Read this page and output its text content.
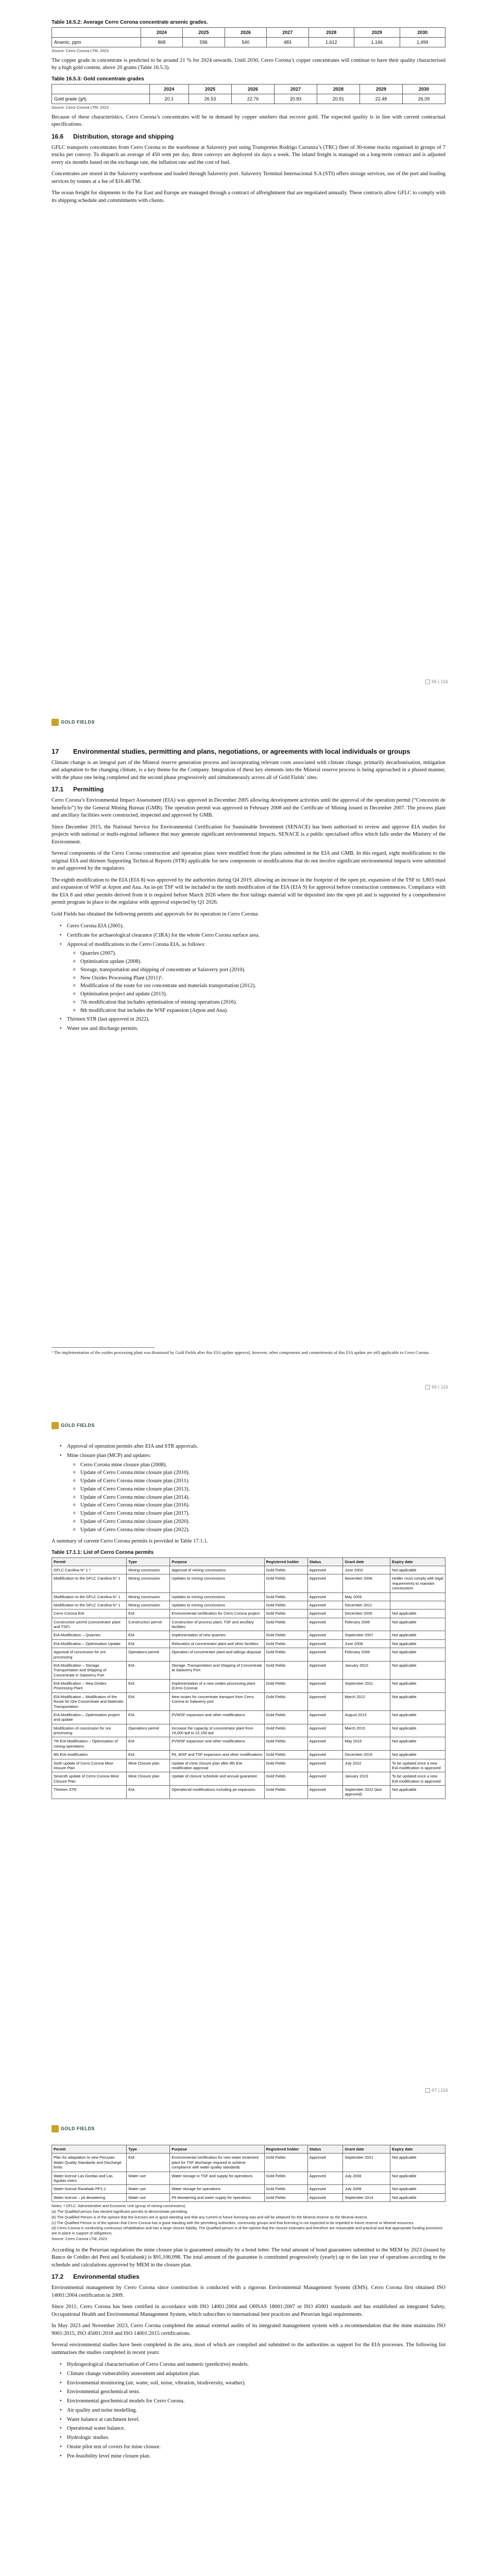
Table 16.5.2: Average Cerro Corona concentrate arsenic grades.
	2024	2025	2026	2027	2028	2029	2030
Arsenic, ppm	868	596	540	483	1,612	1,166	1,499
Source: Cerro Corona LTM, 2023

The copper grade in concentrate is predicted to be around 21 % for 2024 onwards. Until 2030, Cerro Corona’s copper concentrates will continue to have their quality characterised by a high gold content, above 20 grams (Table 16.5.3).

Table 16.5.3: Gold concentrate grades
	2024	2025	2026	2027	2028	2029	2030
Gold grade (g/t)	20.1	26.53	22.76	20.83	20.91	22.48	26.09
Source: Cerro Corona LTM, 2023

Because of these characteristics, Cerro Corona’s concentrates will be in demand by copper smelters that recover gold. The expected quality is in line with current contractual specifications.

16.6 Distribution, storage and shipping

GFLC transports concentrates from Cerro Corona to the warehouse at Salaverry port using Transportes Rodrigo Carranza’s (TRC) fleet of 30-tonne trucks organised in groups of 7 trucks per convoy. To dispatch an average of 450 wmt per day, three convoys are deployed six days a week. The inland freight is managed on a long-term contract and is adjusted every six months based on the exchange rate, the inflation rate and the cost of fuel.

Concentrates are stored in the Salaverry warehouse and loaded through Salaverry port. Salaverry Terminal Internacional S.A (STI) offers storage services, use of the port and loading services by tonnes at a fee of $16.48/TM.

The ocean freight for shipments to the Far East and Europe are managed through a contract of affreightment that are negotiated annually. These contracts allow GFLC to comply with its shipping schedule and commitments with clients.

65 | 116
GOLD FIELDS
17	Environmental studies, permitting and plans, negotiations, or agreements with local individuals or groups

Climate change is an integral part of the Mineral reserve generation process and incorporating relevant costs associated with climate change, primarily decarbonisation, mitigation and adaptation to the changing climate, is a key theme for the Company. Integration of these key elements into the Mineral reserve process is being approached in a phased manner, with the phase one being completed and the second phase progressively and simultaneously across all of Gold Fields’ sites.

17.1 Permitting

Cerro Corona’s Environmental Impact Assessment (EIA) was approved in December 2005 allowing development activities until the approval of the operation permit (“Concesión de beneficio”) by the General Mining Bureau (GMB). The operation permit was approved in February 2008 and the Certificate of Mining issued in December 2007. The process plant and ancillary facilities were constructed, inspected and approved by GMB.

Since December 2015, the National Service for Environmental Certification for Sustainable Investment (SENACE) has been authorised to review and approve EIA studies for projects with national or multi-regional influence that may generate significant environmental impacts. SENACE is a public specialised office which falls under the Ministry of the Environment.

Several components of the Cerro Corona construction and operation plans were modified from the plans submitted in the EIA and GMB. In this regard, eight modifications to the original EIA and thirteen Supporting Technical Reports (STR) applicable for new components or modifications that do not involve significant environmental impacts were submitted to and approved by the regulators.

The eighth modification to the EIA (EIA 8) was approved by the authorities during Q4 2019, allowing an increase in the footprint of the open pit, expansion of the TSF to 3,803 masl and expansion of WSF at Arpon and Ana. An in-pit TSF will be included in the ninth modification of the EIA (EIA 9) for approval before construction commences. Compliance with the EIA 8 and other permits derived from it is required before March 2026 where the first tailings material will be deposited into the open pit and is supported by a comprehensive permit program in place to the regulator with approval expected by Q1 2026.

Gold Fields has obtained the following permits and approvals for its operation in Cerro Corona:

• Cerro Corona EIA (2005).
• Certificate for archaeological clearance (CIRA) for the whole Cerro Corona surface area.
• Approval of modifications to the Cerro Corona EIA, as follows:
o Quarries (2007).
o Optimisation update (2008).
o Storage, transportation and shipping of concentrate at Salaverry port (2010).
o New Oxides Processing Plant (2011)¹.
o Modification of the route for ore concentrate and materials transportation (2012).
o Optimisation project and update (2013).
o 7th modification that includes optimisation of mining operations (2016).
o 8th modification that includes the WSF expansion (Arpon and Ana).
• Thirteen STR (last approved in 2022).
• Water use and discharge permits.
¹ The implementation of the oxides processing plant was dismissed by Gold Fields after this EIA update approval, however, other components and commitments of this EIA update are still applicable to Cerro Corona.
66 | 116
GOLD FIELDS
• Approval of operation permits after EIA and STR approvals.
• Mine closure plan (MCP) and updates:
o Cerro Corona mine closure plan (2008).
o Update of Cerro Corona mine closure plan (2010).
o Update of Cerro Corona mine closure plan (2011).
o Update of Cerro Corona mine closure plan (2013).
o Update of Cerro Corona mine closure plan (2014).
o Update of Cerro Corona mine closure plan (2016).
o Update of Cerro Corona mine closure plan (2017).
o Update of Cerro Corona mine closure plan (2020).
o Update of Cerro Corona mine closure plan (2022).

A summary of current Cerro Corona permits is provided in Table 17.1.1.

Table 17.1.1: List of Cerro Corona permits
Permit	Type	Purpose	Registered holder	Status	Grant date	Expiry date
GFLC Carolina N° 1 ᵃ	Mining concession	Approval of mining concessions	Gold Fields	Approved	June 2003	Not applicable
Modification to the GFLC Carolina N° 1	Mining concession	Updates to mining concessions	Gold Fields	Approved	November 2006	Holder must comply with legal requirements to maintain concessions
Modification to the GFLC Carolina N° 1	Mining concession	Updates to mining concessions	Gold Fields	Approved	May 2009	
Modification to the GFLC Carolina N° 1	Mining concession	Updates to mining concessions	Gold Fields	Approved	December 2011	
Cerro Corona EIA	EIA	Environmental certification for Cerro Corona project	Gold Fields	Approved	December 2005	Not applicable
Construction permit (concentrator plant and TSF)	Construction permit	Construction of process plant, TSF and ancillary facilities	Gold Fields	Approved	February 2006	Not applicable
EIA Modification – Quarries	EIA	Implementation of new quarries	Gold Fields	Approved	September 2007	Not applicable
EIA Modification – Optimisation Update	EIA	Relocation of concentrator plant and other facilities	Gold Fields	Approved	June 2008	Not applicable
Approval of concession for ore processing	Operations permit	Operation of concentrator plant and tailings disposal	Gold Fields	Approved	February 2008	Not applicable
EIA Modification – Storage, Transportation and Shipping of Concentrate in Salaverry Port	EIA	Storage, Transportation and Shipping of Concentrate at Salaverry Port	Gold Fields	Approved	January 2010	Not applicable
EIA Modification – New Oxides Processing Plant	EIA	Implementation of a new oxides processing plant (Cerro Corona)	Gold Fields	Approved	September 2011	Not applicable
EIA Modification – Modification of the Route for Ore Concentrate and Materials Transportation	EIA	New routes for concentrate transport from Cerro Corona to Salaverry port	Gold Fields	Approved	March 2012	Not applicable
EIA Modification – Optimisation project and update	EIA	PVWSF expansion and other modifications	Gold Fields	Approved	August 2013	Not applicable
Modification of concession for ore processing	Operations permit	Increase the capacity of concentrator plant from 19,000 tpd to 22,150 tpd	Gold Fields	Approved	March 2015	Not applicable
7th EIA Modification – Optimisation of mining operations	EIA	PVWSF expansion and other modifications	Gold Fields	Approved	May 2016	Not applicable
8th EIA modification	EIA	Pit, WSF and TSF expansion and other modifications	Gold Fields	Approved	December 2019	Not applicable
Sixth update of Cerro Corona Mine closure Plan	Mine Closure plan	Update of mine closure plan after 8th EIA modification approval	Gold Fields	Approved	July 2022	To be updated once a new EIA modification is approved
Seventh update of Cerro Corona Mine Closure Plan	Mine Closure plan	Update of closure schedule and annual guarantee	Gold Fields	Approved	January 2023	To be updated once a new EIA modification is approved
Thirteen STR	EIA	Operational modifications including pit expansion	Gold Fields	Approved	September 2022 (last approved)	Not applicable
67 | 116
GOLD FIELDS
Permit	Type	Purpose	Registered holder	Status	Grant date	Expiry date
Plan for adaptation to new Peruvian Water Quality Standards and Discharge limits	EIA	Environmental certification for new water treatment plant for TSF discharge required to achieve compliance with water quality standards	Gold Fields	Approved	September 2021	Not applicable
Water license Las Gordas and Las Aguilas rivers	Water use	Water storage in TSF and supply for operations	Gold Fields	Approved	July 2008	Not applicable
Water license Ravelado PP1-1	Water use	Water storage for operations	Gold Fields	Approved	July 2008	Not applicable
Water license – pit dewatering	Water use	Pit dewatering and water supply for operations	Gold Fields	Approved	September 2014	Not applicable
Notes: ᵃ GFLC: Administrative and Economic Unit (group of mining concessions).
(a) The Qualified person has elected significant permits to demonstrate permitting.
(b) The Qualified Person is of the opinion that the licenses are in good standing and that any current or future licensing was and will be obtained for the Mineral reserve as the Mineral reserve.
(c) The Qualified Person is of the opinion that Cerro Corona has a good standing with the permitting authorities, community groups and that licensing is not expected to be impeded in future reserve or Mineral resources.
(d) Cerro Corona is conducting continuous rehabilitation and has a large closure liability. The Qualified person is of the opinion that the closure estimates and therefore are reasonable and practical and that appropriate funding provisions are in place in support of obligations.
Source: Cerro Corona LTM, 2023

According to the Peruvian regulations the mine closure plan is guaranteed annually by a bond letter. The total amount of bond guarantees submitted to the MEM by 2023 (issued by Banco de Crédito del Perú and Scotiabank) is $91,106,098. The total amount of the guarantee is constituted progressively (yearly) up to the last year of operations according to the schedule and calculations approved by MEM in the closure plan.

17.2 Environmental studies

Environmental management by Cerro Corona since construction is conducted with a rigorous Environmental Management System (EMS). Cerro Corona first obtained ISO 14001:2004 certification in 2009.

Since 2011, Cerro Corona has been certified in accordance with ISO 14001:2004 and OHSAS 18001:2007 or ISO 45001 standards and has established an integrated Safety, Occupational Health and Environmental Management System, which subscribes to international best practices and Peruvian legal requirements.

In May 2023 and November 2023, Cerro Corona completed the annual external audits of its integrated management system with a recommendation that the mine maintains ISO 9001:2015, ISO 45001:2018 and ISO 14001:2015 certifications.

Several environmental studies have been completed in the area, most of which are compiled and submitted to the authorities as support for the EIA processes. The following list summarises the studies completed in recent years:

• Hydrogeological characterisation of Cerro Corona and numeric (predictive) models.
• Climate change vulnerability assessment and adaptation plan.
• Environmental monitoring (air, water, soil, noise, vibration, biodiversity, weather).
• Environmental geochemical tests.
• Environmental geochemical models for Cerro Corona.
• Air quality and noise modelling.
• Water balance at catchment level.
• Operational water balance.
• Hydrologic studies.
• Onsite pilot test of covers for mine closure.
• Pre-feasibility level mine closure plan.
